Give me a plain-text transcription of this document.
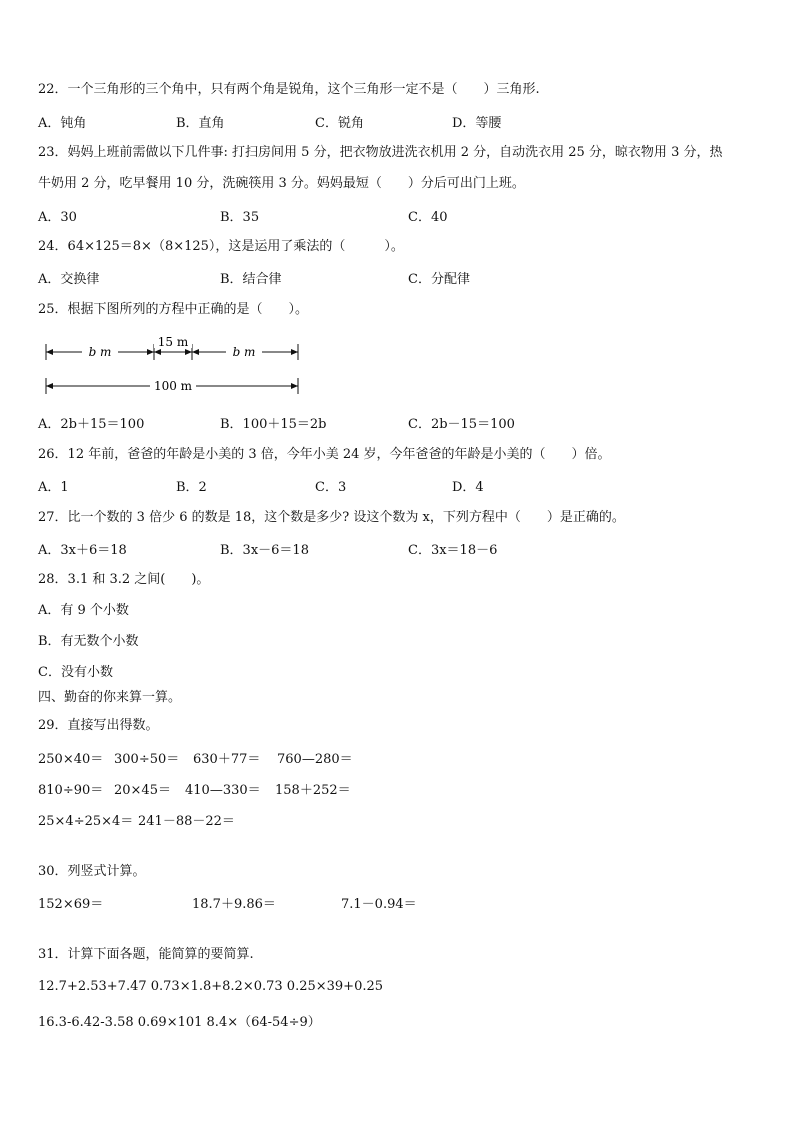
22．一个三角形的三个角中，只有两个角是锐角，这个三角形一定不是（　　）三角形.
A．钝角	B．直角	C．锐角	D．等腰
23．妈妈上班前需做以下几件事: 打扫房间用 5 分，把衣物放进洗衣机用 2 分，自动洗衣用 25 分，晾衣物用 3 分，热
牛奶用 2 分，吃早餐用 10 分，洗碗筷用 3 分。妈妈最短（　　）分后可出门上班。
A．30	B．35	C．40
24．64×125＝8×（8×125），这是运用了乘法的（　　　）。
A．交换律	B．结合律	C．分配律
25．根据下图所列的方程中正确的是（　　）。
b m
15 m
b m
100 m
A．2b＋15＝100	B．100＋15＝2b	C．2b－15＝100
26．12 年前，爸爸的年龄是小美的 3 倍，今年小美 24 岁，今年爸爸的年龄是小美的（　　）倍。
A．1	B．2	C．3	D．4
27．比一个数的 3 倍少 6 的数是 18，这个数是多少? 设这个数为 x，下列方程中（　　）是正确的。
A．3x＋6＝18	B．3x－6＝18	C．3x＝18－6
28．3.1 和 3.2 之间(　　)。
A．有 9 个小数
B．有无数个小数
C．没有小数
四、勤奋的你来算一算。
29．直接写出得数。
250×40＝ 300÷50＝ 630＋77＝ 760—280＝
810÷90＝ 20×45＝ 410—330＝ 158＋252＝
25×4÷25×4＝ 241－88－22＝
30．列竖式计算。
152×69＝	18.7＋9.86＝	7.1－0.94＝
31．计算下面各题，能简算的要简算.
12.7+2.53+7.47 0.73×1.8+8.2×0.73 0.25×39+0.25
16.3-6.42-3.58 0.69×101 8.4×（64-54÷9）
